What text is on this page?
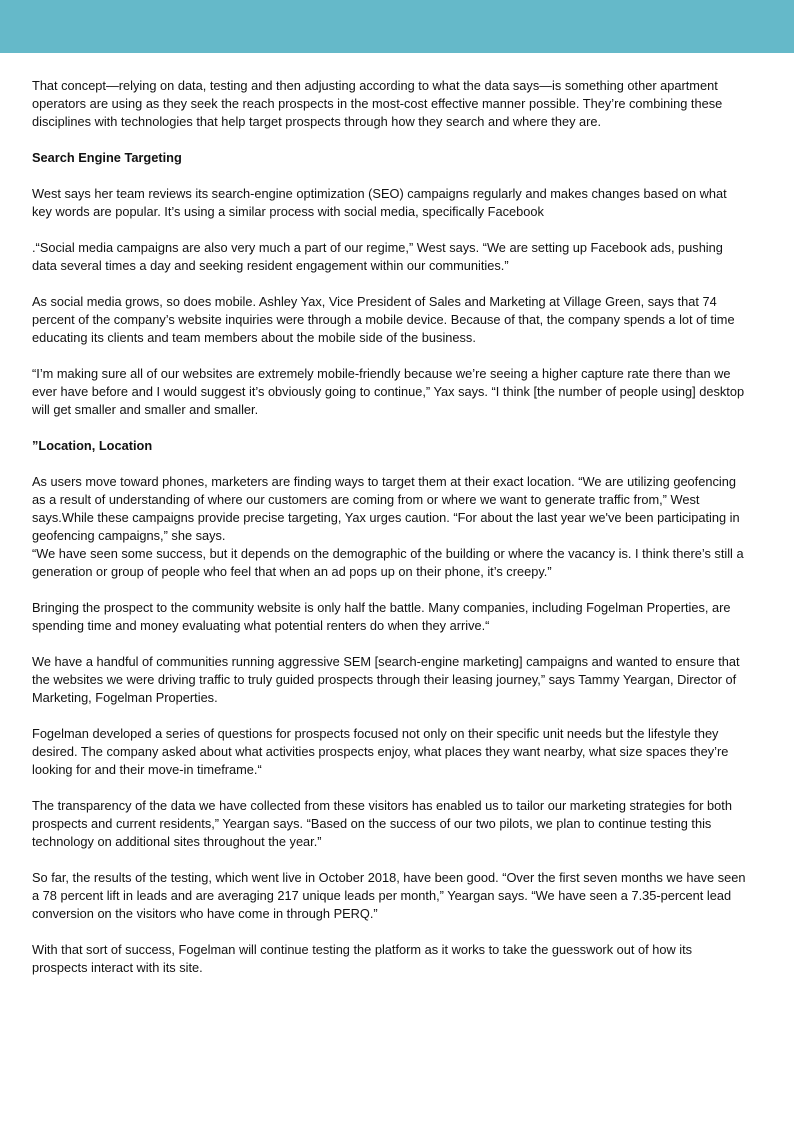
That concept—relying on data, testing and then adjusting according to what the data says—is something other apartment operators are using as they seek the reach prospects in the most-cost effective manner possible. They’re combining these disciplines with technologies that help target prospects through how they search and where they are.

Search Engine Targeting

West says her team reviews its search-engine optimization (SEO) campaigns regularly and makes changes based on what key words are popular. It’s using a similar process with social media, specifically Facebook

.“Social media campaigns are also very much a part of our regime,” West says. “We are setting up Facebook ads, pushing data several times a day and seeking resident engagement within our communities.”

As social media grows, so does mobile. Ashley Yax, Vice President of Sales and Marketing at Village Green, says that 74 percent of the company’s website inquiries were through a mobile device. Because of that, the company spends a lot of time educating its clients and team members about the mobile side of the business.

“I’m making sure all of our websites are extremely mobile-friendly because we’re seeing a higher capture rate there than we ever have before and I would suggest it’s obviously going to continue,” Yax says. “I think [the number of people using] desktop will get smaller and smaller and smaller.

”Location, Location

As users move toward phones, marketers are finding ways to target them at their exact location. “We are utilizing geofencing as a result of understanding of where our customers are coming from or where we want to generate traffic from,” West says.While these campaigns provide precise targeting, Yax urges caution. “For about the last year we've been participating in geofencing campaigns,” she says.

“We have seen some success, but it depends on the demographic of the building or where the vacancy is. I think there’s still a generation or group of people who feel that when an ad pops up on their phone, it’s creepy.”

Bringing the prospect to the community website is only half the battle. Many companies, including Fogelman Properties, are spending time and money evaluating what potential renters do when they arrive.“

We have a handful of communities running aggressive SEM [search-engine marketing] campaigns and wanted to ensure that the websites we were driving traffic to truly guided prospects through their leasing journey,” says Tammy Yeargan, Director of Marketing, Fogelman Properties.

Fogelman developed a series of questions for prospects focused not only on their specific unit needs but the lifestyle they desired. The company asked about what activities prospects enjoy, what places they want nearby, what size spaces they’re looking for and their move-in timeframe.“

The transparency of the data we have collected from these visitors has enabled us to tailor our marketing strategies for both prospects and current residents,” Yeargan says. “Based on the success of our two pilots, we plan to continue testing this technology on additional sites throughout the year.”

So far, the results of the testing, which went live in October 2018, have been good. “Over the first seven months we have seen a 78 percent lift in leads and are averaging 217 unique leads per month,” Yeargan says. “We have seen a 7.35-percent lead conversion on the visitors who have come in through PERQ.”

With that sort of success, Fogelman will continue testing the platform as it works to take the guesswork out of how its prospects interact with its site.
